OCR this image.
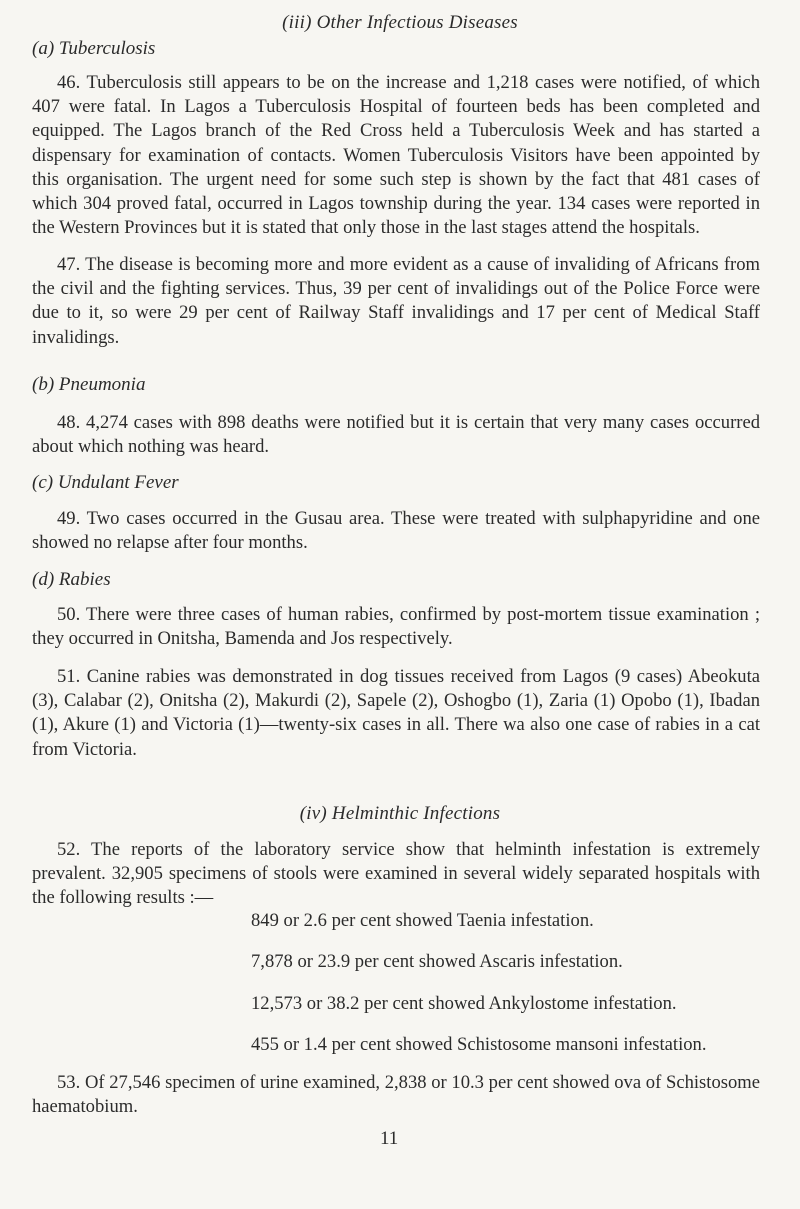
(iii) Other Infectious Diseases
(a) Tuberculosis

46. Tuberculosis still appears to be on the increase and 1,218 cases were notified, of which 407 were fatal. In Lagos a Tuberculosis Hospital of fourteen beds has been completed and equipped. The Lagos branch of the Red Cross held a Tuberculosis Week and has started a dispensary for examination of contacts. Women Tuberculosis Visitors have been appointed by this organisation. The urgent need for some such step is shown by the fact that 481 cases of which 304 proved fatal, occurred in Lagos township during the year. 134 cases were reported in the Western Provinces but it is stated that only those in the last stages attend the hospitals.

47. The disease is becoming more and more evident as a cause of invaliding of Africans from the civil and the fighting services. Thus, 39 per cent of invalidings out of the Police Force were due to it, so were 29 per cent of Railway Staff invalidings and 17 per cent of Medical Staff invalidings.

(b) Pneumonia

48. 4,274 cases with 898 deaths were notified but it is certain that very many cases occurred about which nothing was heard.

(c) Undulant Fever

49. Two cases occurred in the Gusau area. These were treated with sulphapyridine and one showed no relapse after four months.

(d) Rabies

50. There were three cases of human rabies, confirmed by post-mortem tissue examination ; they occurred in Onitsha, Bamenda and Jos respectively.

51. Canine rabies was demonstrated in dog tissues received from Lagos (9 cases) Abeokuta (3), Calabar (2), Onitsha (2), Makurdi (2), Sapele (2), Oshogbo (1), Zaria (1) Opobo (1), Ibadan (1), Akure (1) and Victoria (1)—twenty-six cases in all. There wa also one case of rabies in a cat from Victoria.

(iv) Helminthic Infections

52. The reports of the laboratory service show that helminth infestation is extremely prevalent. 32,905 specimens of stools were examined in several widely separated hospitals with the following results :—

849 or 2.6 per cent showed Taenia infestation.
7,878 or 23.9 per cent showed Ascaris infestation.
12,573 or 38.2 per cent showed Ankylostome infestation.
455 or 1.4 per cent showed Schistosome mansoni infestation.

53. Of 27,546 specimen of urine examined, 2,838 or 10.3 per cent showed ova of Schistosome haematobium.

11
